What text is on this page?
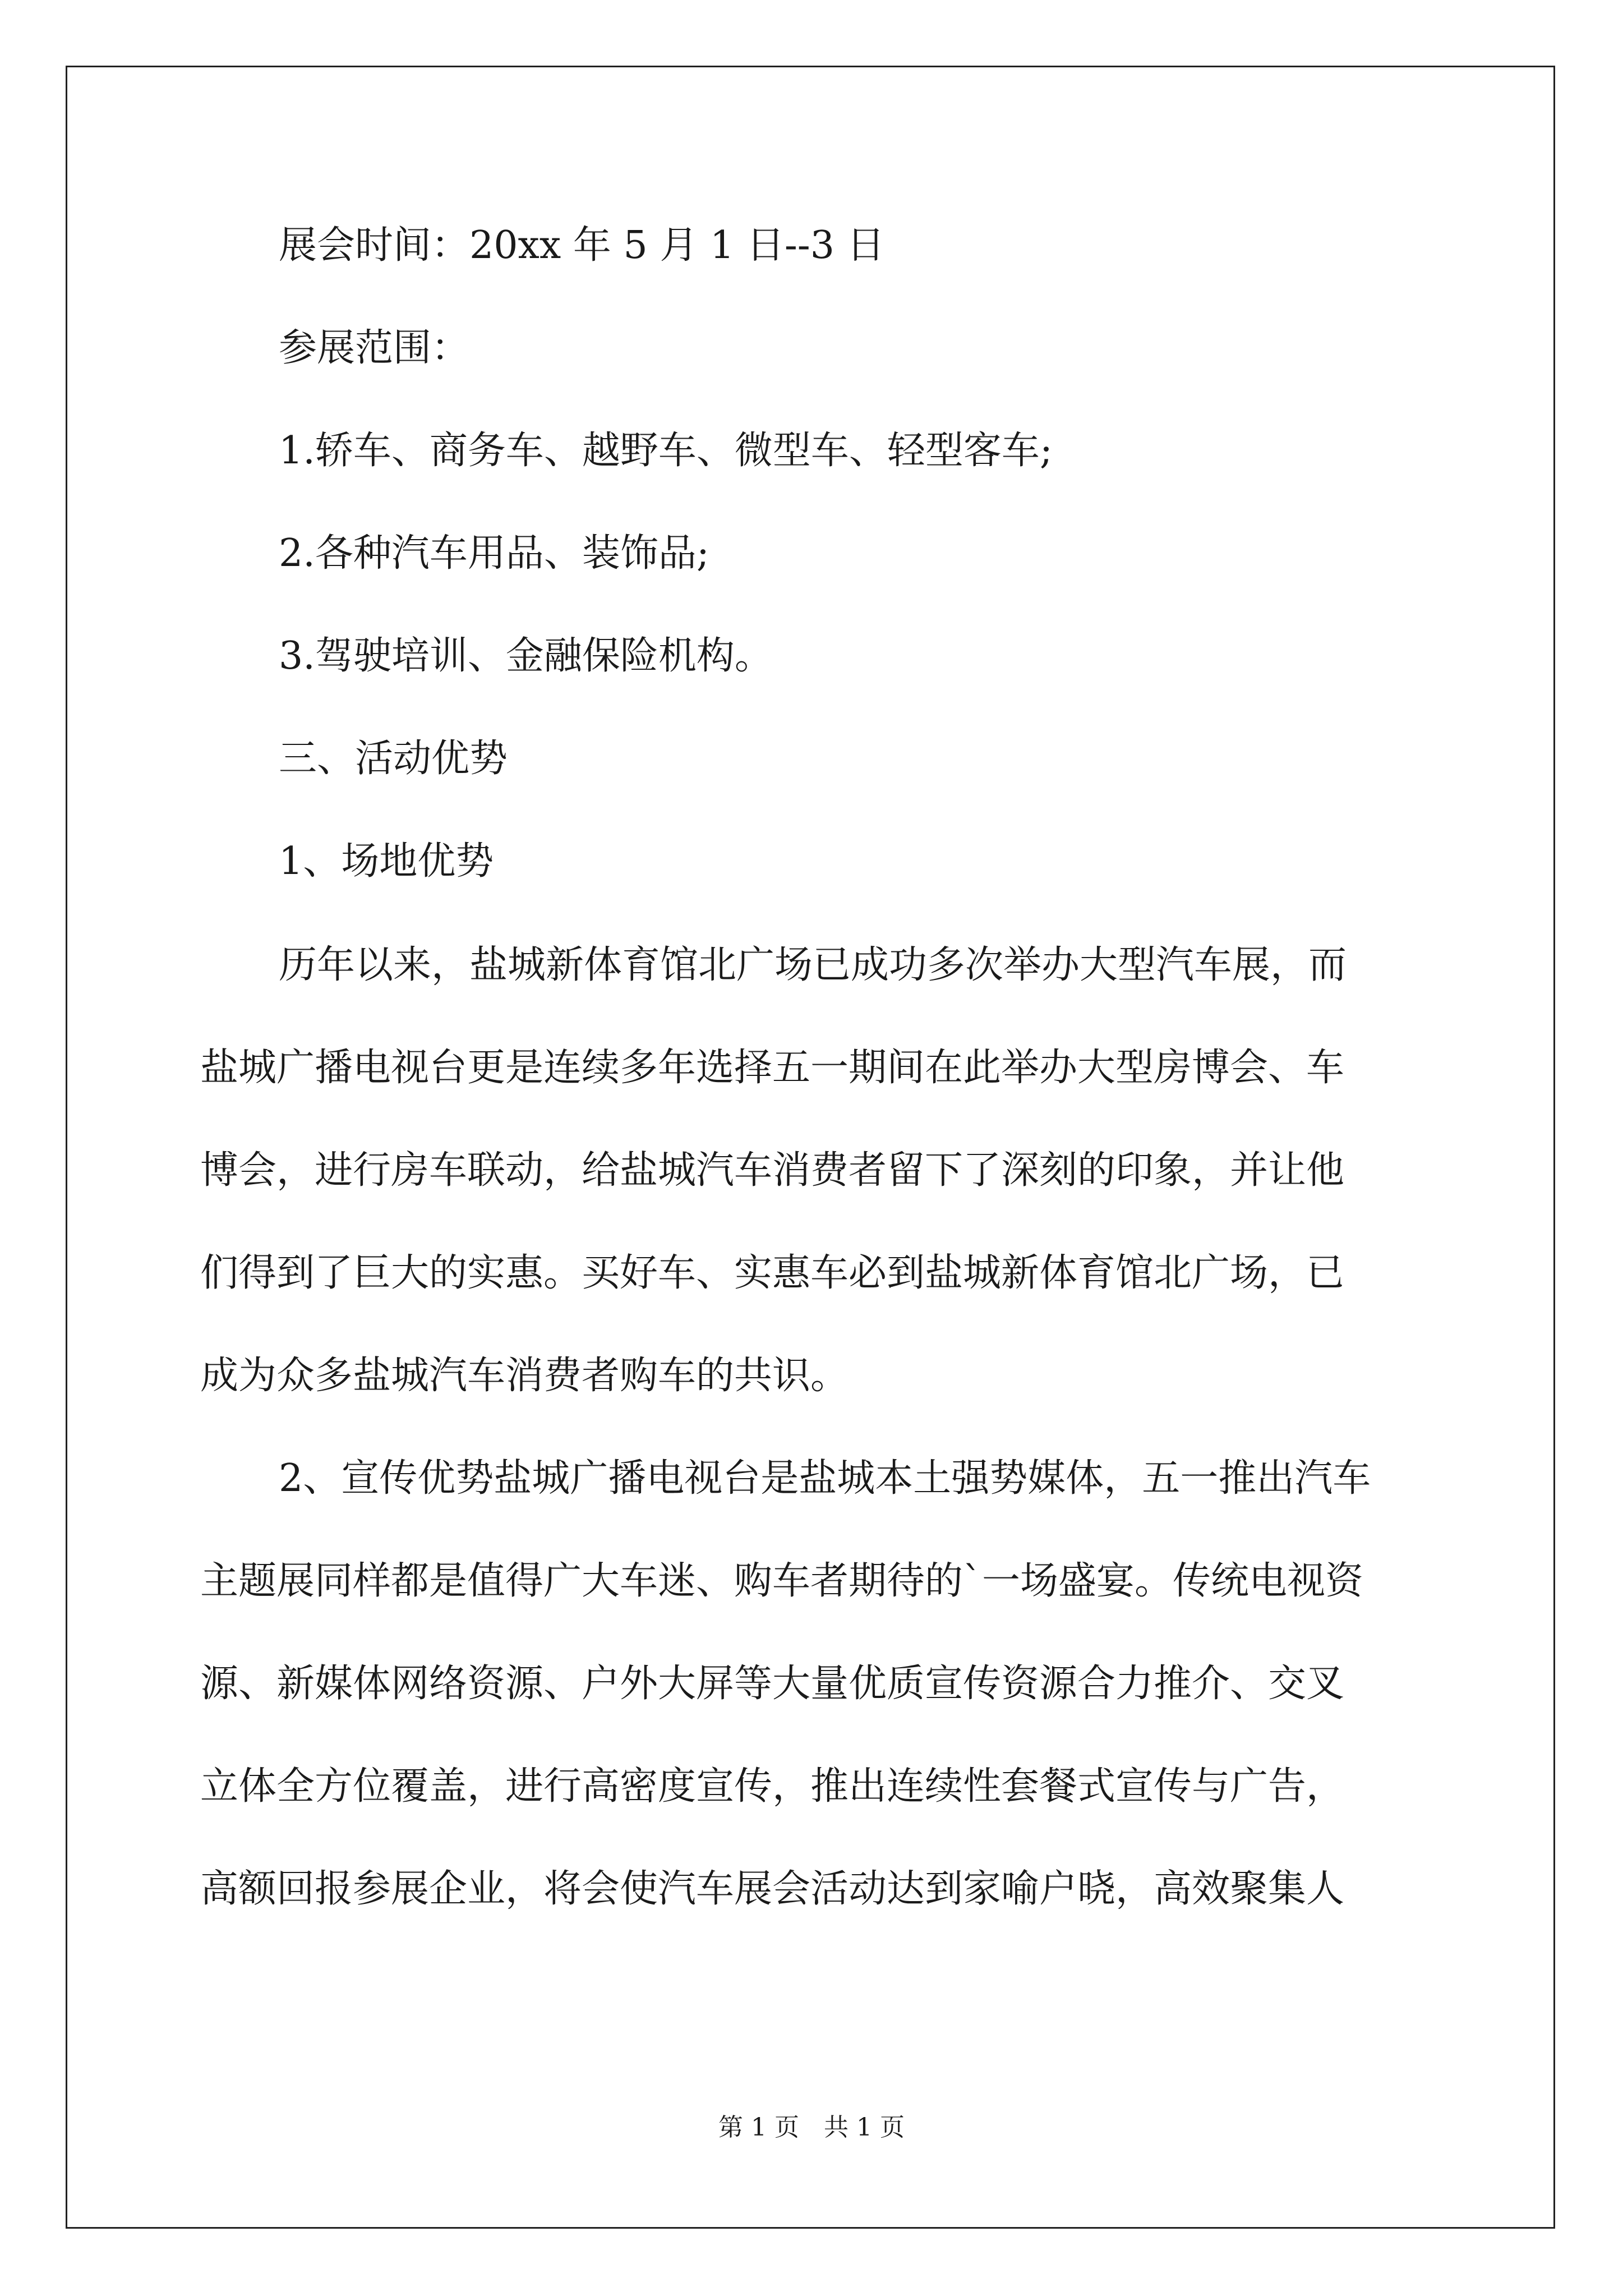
展会时间：20xx 年 5 月 1 日--3 日
参展范围：
1.轿车、商务车、越野车、微型车、轻型客车;
2.各种汽车用品、装饰品;
3.驾驶培训、金融保险机构。
三、活动优势
1、场地优势
历年以来，盐城新体育馆北广场已成功多次举办大型汽车展，而
盐城广播电视台更是连续多年选择五一期间在此举办大型房博会、车
博会，进行房车联动，给盐城汽车消费者留下了深刻的印象，并让他
们得到了巨大的实惠。买好车、实惠车必到盐城新体育馆北广场，已
成为众多盐城汽车消费者购车的共识。
2、宣传优势盐城广播电视台是盐城本土强势媒体，五一推出汽车
主题展同样都是值得广大车迷、购车者期待的`一场盛宴。传统电视资
源、新媒体网络资源、户外大屏等大量优质宣传资源合力推介、交叉
立体全方位覆盖，进行高密度宣传，推出连续性套餐式宣传与广告，
高额回报参展企业，将会使汽车展会活动达到家喻户晓，高效聚集人
第 1 页　共 1 页
